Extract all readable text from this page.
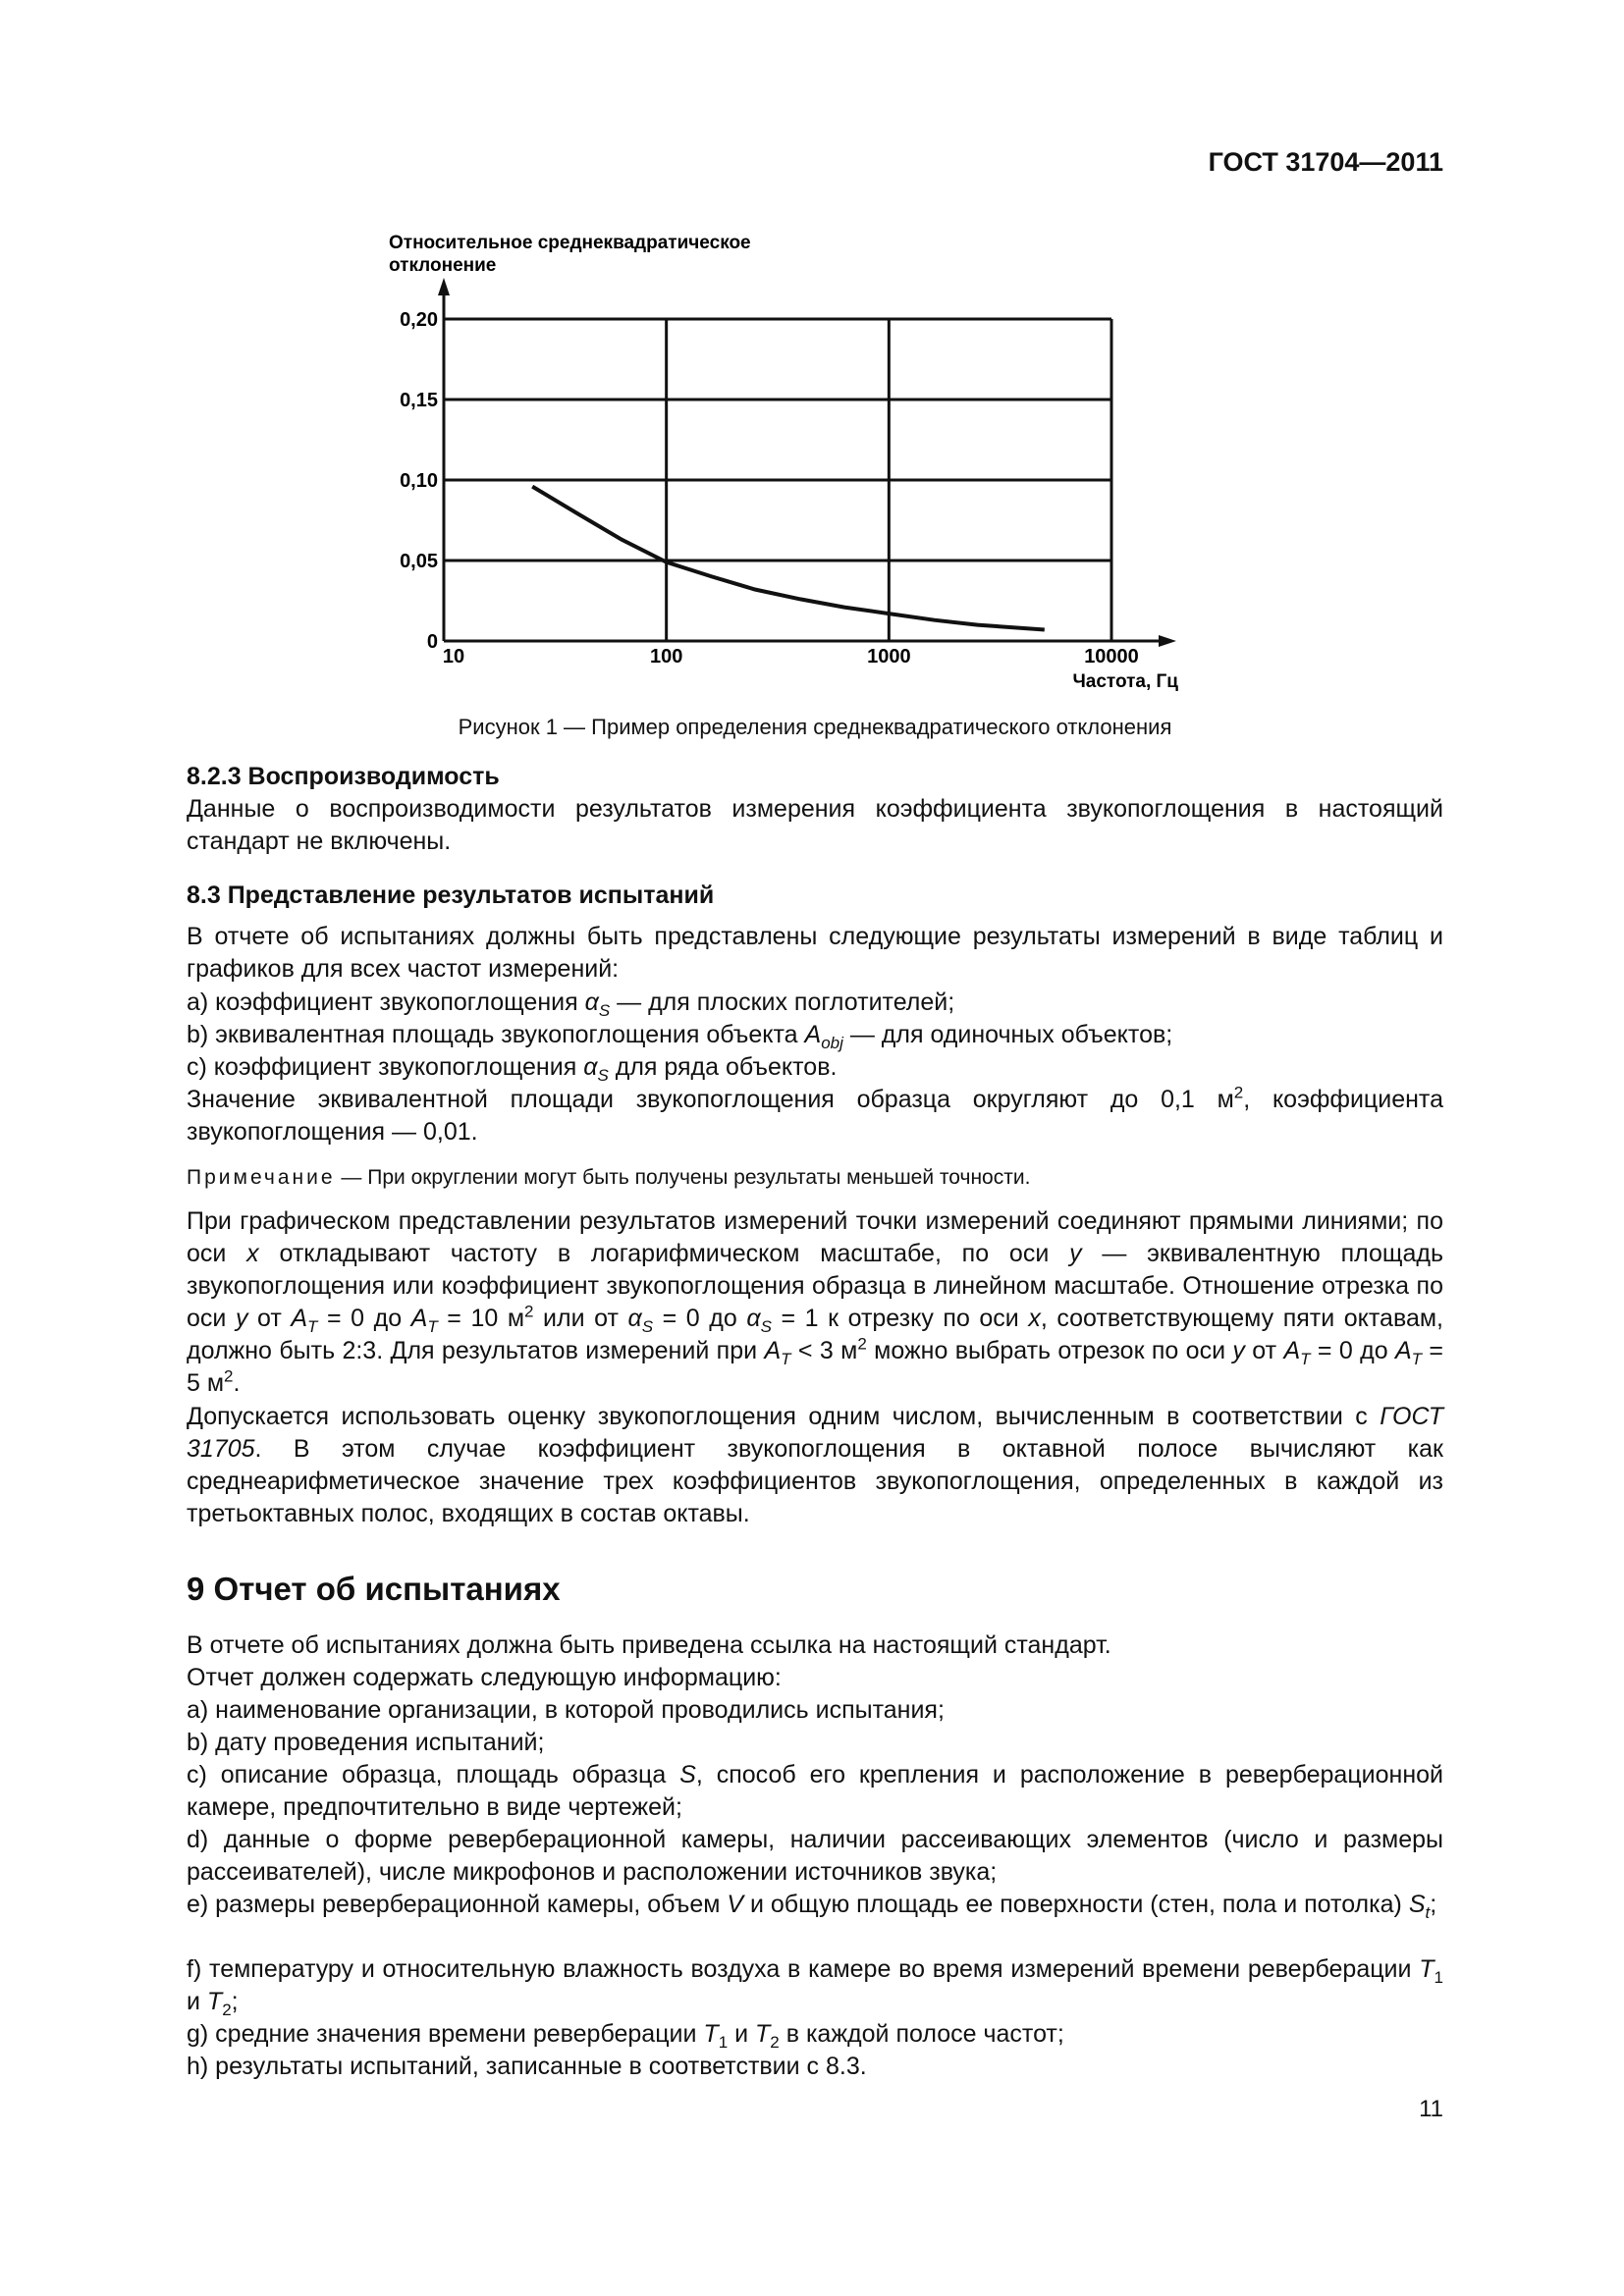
ГОСТ 31704—2011
Относительное среднеквадратическое
отклонение
0
0,05
0,10
0,15
0,20
10	100	1000	10000
Частота, Гц
Рисунок 1 — Пример определения среднеквадратического отклонения
8.2.3 Воспроизводимость
Данные о воспроизводимости результатов измерения коэффициента звукопоглощения в настоящий стандарт не включены.
8.3 Представление результатов испытаний
В отчете об испытаниях должны быть представлены следующие результаты измерений в виде таблиц и графиков для всех частот измерений:
a) коэффициент звукопоглощения $\alpha_S$ — для плоских поглотителей;
b) эквивалентная площадь звукопоглощения объекта $A_{obj}$ — для одиночных объектов;
c) коэффициент звукопоглощения $\alpha_S$ для ряда объектов.
Значение эквивалентной площади звукопоглощения образца округляют до 0,1 $м^2$, коэффициента звукопоглощения — 0,01.
Примечание — При округлении могут быть получены результаты меньшей точности.
При графическом представлении результатов измерений точки измерений соединяют прямыми линиями; по оси x откладывают частоту в логарифмическом масштабе, по оси y — эквивалентную площадь звукопоглощения или коэффициент звукопоглощения образца в линейном масштабе. Отношение отрезка по оси y от $A_T = 0$ до $A_T = 10$ $м^2$ или от $\alpha_S = 0$ до $\alpha_S = 1$ к отрезку по оси x, соответствующему пяти октавам, должно быть 2:3. Для результатов измерений при $A_T < 3$ $м^2$ можно выбрать отрезок по оси y от $A_T = 0$ до $A_T = 5$ $м^2$.
Допускается использовать оценку звукопоглощения одним числом, вычисленным в соответствии с ГОСТ 31705. В этом случае коэффициент звукопоглощения в октавной полосе вычисляют как среднеарифметическое значение трех коэффициентов звукопоглощения, определенных в каждой из третьоктавных полос, входящих в состав октавы.
9 Отчет об испытаниях
В отчете об испытаниях должна быть приведена ссылка на настоящий стандарт.
Отчет должен содержать следующую информацию:
a) наименование организации, в которой проводились испытания;
b) дату проведения испытаний;
c) описание образца, площадь образца S, способ его крепления и расположение в реверберационной камере, предпочтительно в виде чертежей;
d) данные о форме реверберационной камеры, наличии рассеивающих элементов (число и размеры рассеивателей), числе микрофонов и расположении источников звука;
e) размеры реверберационной камеры, объем V и общую площадь ее поверхности (стен, пола и потолка) $S_t$;
f) температуру и относительную влажность воздуха в камере во время измерений времени реверберации $T_1$ и $T_2$;
g) средние значения времени реверберации $T_1$ и $T_2$ в каждой полосе частот;
h) результаты испытаний, записанные в соответствии с 8.3.
11
